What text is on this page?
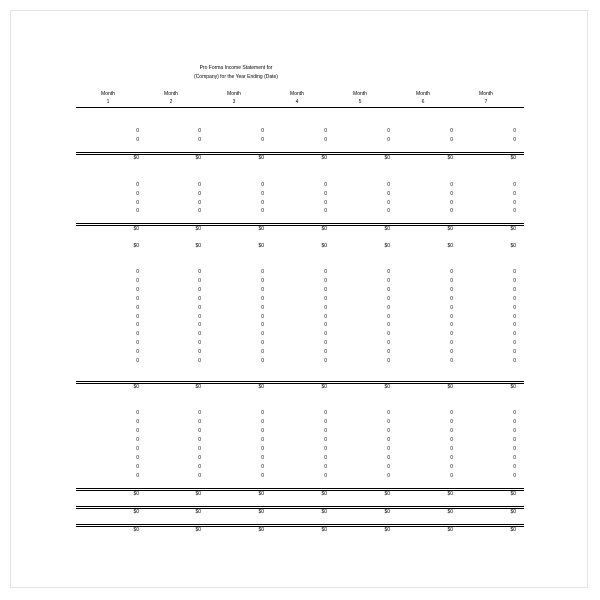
Pro Forma Income Statement for
(Company) for the Year Ending (Date)
Month
1
Month
2
Month
3
Month
4
Month
5
Month
6
Month
7
0	0	0	0	0	0	0
0	0	0	0	0	0	0
$0	$0	$0	$0	$0	$0	$0
0	0	0	0	0	0	0
0	0	0	0	0	0	0
0	0	0	0	0	0	0
0	0	0	0	0	0	0
$0	$0	$0	$0	$0	$0	$0
$0	$0	$0	$0	$0	$0	$0
0	0	0	0	0	0	0
0	0	0	0	0	0	0
0	0	0	0	0	0	0
0	0	0	0	0	0	0
0	0	0	0	0	0	0
0	0	0	0	0	0	0
0	0	0	0	0	0	0
0	0	0	0	0	0	0
0	0	0	0	0	0	0
0	0	0	0	0	0	0
0	0	0	0	0	0	0
$0	$0	$0	$0	$0	$0	$0
0	0	0	0	0	0	0
0	0	0	0	0	0	0
0	0	0	0	0	0	0
0	0	0	0	0	0	0
0	0	0	0	0	0	0
0	0	0	0	0	0	0
0	0	0	0	0	0	0
0	0	0	0	0	0	0
$0	$0	$0	$0	$0	$0	$0
$0	$0	$0	$0	$0	$0	$0
$0	$0	$0	$0	$0	$0	$0
